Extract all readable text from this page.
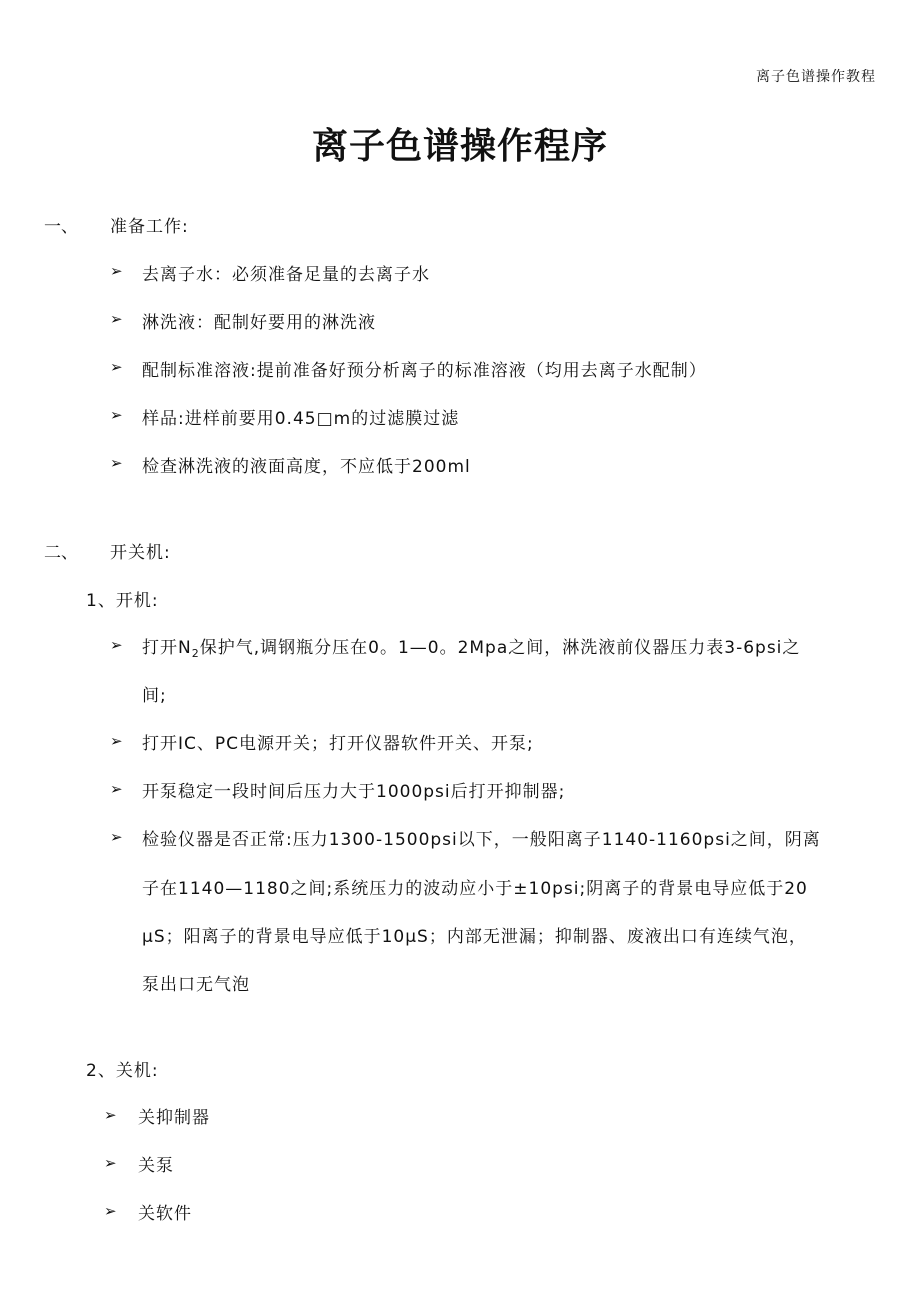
离子色谱操作教程
离子色谱操作程序
一、 准备工作:
➢ 去离子水：必须准备足量的去离子水
➢ 淋洗液：配制好要用的淋洗液
➢ 配制标准溶液:提前准备好预分析离子的标准溶液（均用去离子水配制）
➢ 样品:进样前要用0.45□m的过滤膜过滤
➢ 检查淋洗液的液面高度，不应低于200ml
二、 开关机:
1、开机:
➢ 打开$N_2$保护气,调钢瓶分压在0。1—0。2Mpa之间，淋洗液前仪器压力表3-6psi之
间;
➢ 打开IC、PC电源开关；打开仪器软件开关、开泵;
➢ 开泵稳定一段时间后压力大于1000psi后打开抑制器;
➢ 检验仪器是否正常:压力1300-1500psi以下，一般阳离子1140-1160psi之间，阴离
子在1140—1180之间;系统压力的波动应小于±10psi;阴离子的背景电导应低于20
μS；阳离子的背景电导应低于10μS；内部无泄漏；抑制器、废液出口有连续气泡，
泵出口无气泡
2、关机:
➢ 关抑制器
➢ 关泵
➢ 关软件
